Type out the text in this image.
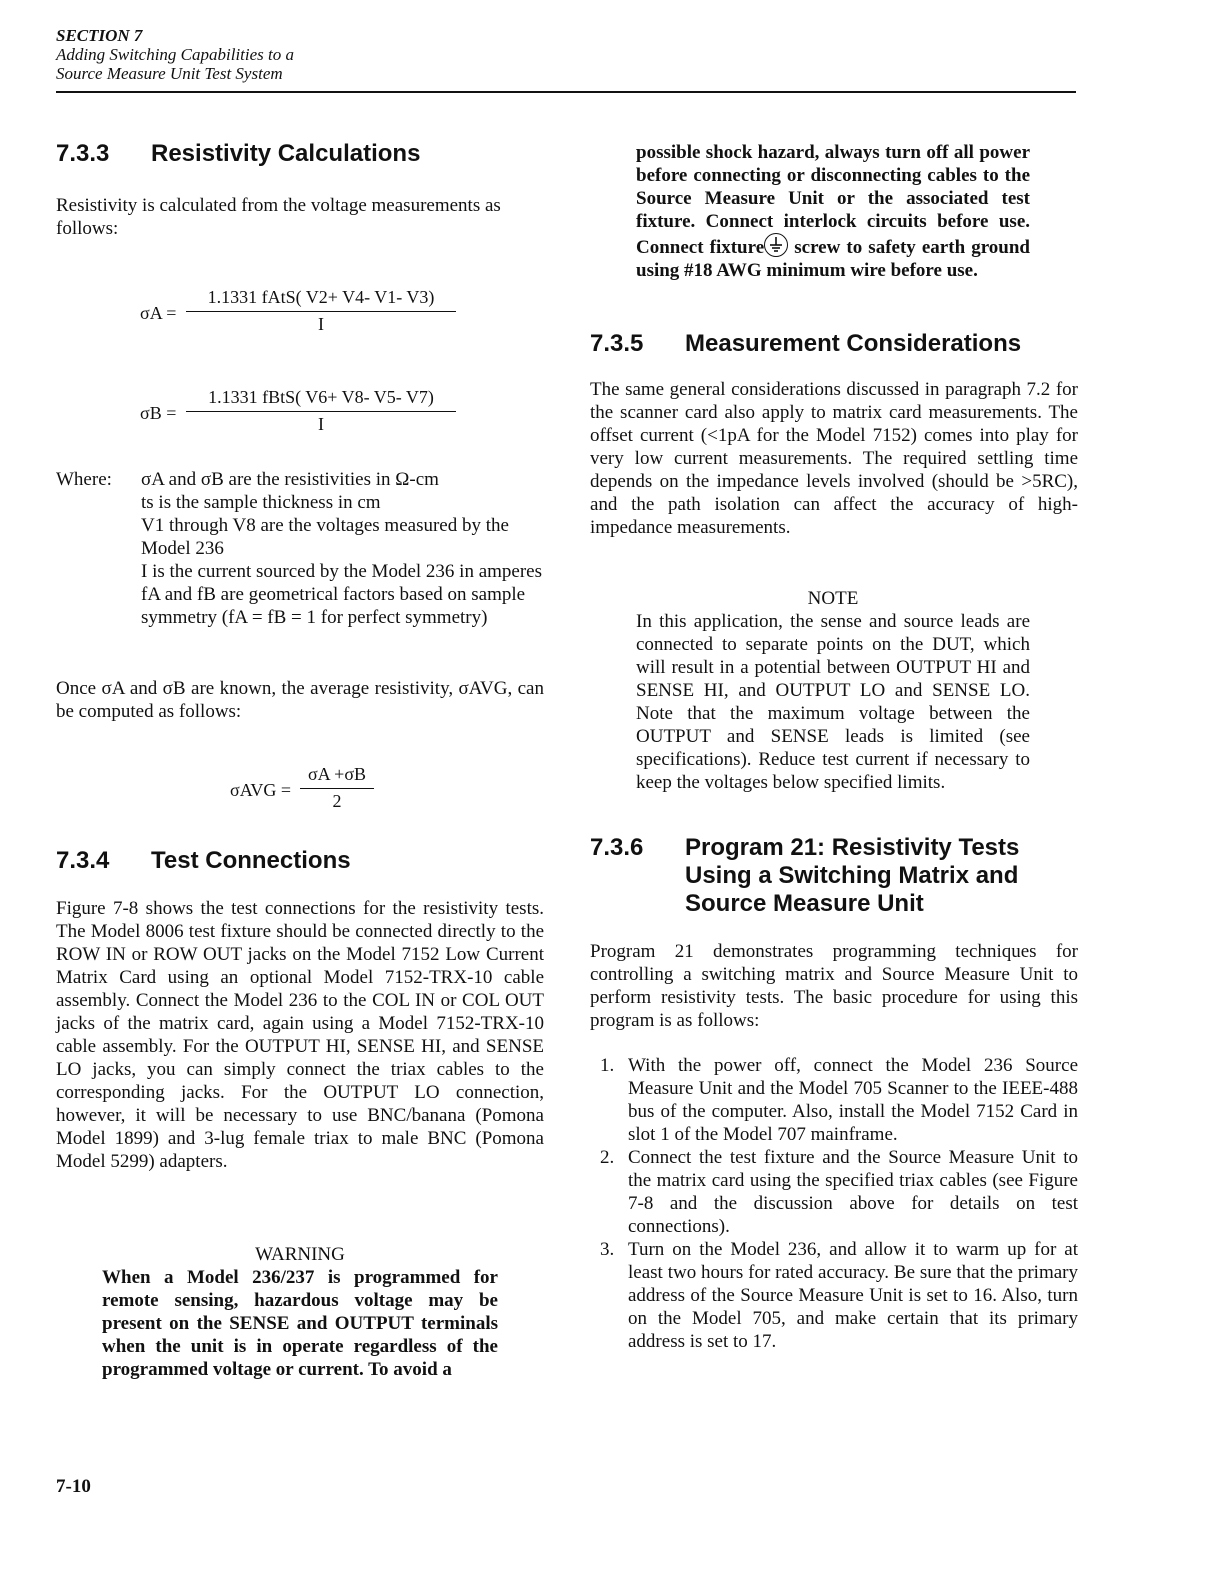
SECTION 7
Adding Switching Capabilities to a
Source Measure Unit Test System
7.3.3	Resistivity Calculations

Resistivity is calculated from the voltage measurements as follows:

σA =
1.1331 fAtS( V2+ V4- V1- V3)
I
σB =
1.1331 fBtS( V6+ V8- V5- V7)
I
Where:	σA and σB are the resistivities in Ω-cm
ts is the sample thickness in cm
V1 through V8 are the voltages measured by the Model 236
I is the current sourced by the Model 236 in amperes
fA and fB are geometrical factors based on sample symmetry (fA = fB = 1 for perfect symmetry)

Once σA and σB are known, the average resistivity, σAVG, can be computed as follows:

$\sigma AVG = \frac{\sigma A +\sigma B}{2}$
7.3.4	Test Connections

Figure 7-8 shows the test connections for the resistivity tests. The Model 8006 test fixture should be connected directly to the ROW IN or ROW OUT jacks on the Model 7152 Low Current Matrix Card using an optional Model 7152-TRX-10 cable assembly. Connect the Model 236 to the COL IN or COL OUT jacks of the matrix card, again using a Model 7152-TRX-10 cable assembly. For the OUTPUT HI, SENSE HI, and SENSE LO jacks, you can simply connect the triax cables to the corresponding jacks. For the OUTPUT LO connection, however, it will be necessary to use BNC/banana (Pomona Model 1899) and 3-lug female triax to male BNC (Pomona Model 5299) adapters.

WARNING

When a Model 236/237 is programmed for remote sensing, hazardous voltage may be present on the SENSE and OUTPUT terminals when the unit is in operate regardless of the programmed voltage or current. To avoid a

possible shock hazard, always turn off all power before connecting or disconnecting cables to the Source Measure Unit or the associated test fixture. Connect interlock circuits before use. Connect fixture screw to safety earth ground using #18 AWG minimum wire before use.

7.3.5	Measurement Considerations

The same general considerations discussed in paragraph 7.2 for the scanner card also apply to matrix card measurements. The offset current (<1pA for the Model 7152) comes into play for very low current measurements. The required settling time depends on the impedance levels involved (should be >5RC), and the path isolation can affect the accuracy of high-impedance measurements.

NOTE

In this application, the sense and source leads are connected to separate points on the DUT, which will result in a potential between OUTPUT HI and SENSE HI, and OUTPUT LO and SENSE LO. Note that the maximum voltage between the OUTPUT and SENSE leads is limited (see specifications). Reduce test current if necessary to keep the voltages below specified limits.

7.3.6	Program 21: Resistivity Tests Using a Switching Matrix and Source Measure Unit

Program 21 demonstrates programming techniques for controlling a switching matrix and Source Measure Unit to perform resistivity tests. The basic procedure for using this program is as follows:

1. With the power off, connect the Model 236 Source Measure Unit and the Model 705 Scanner to the IEEE-488 bus of the computer. Also, install the Model 7152 Card in slot 1 of the Model 707 mainframe.
2. Connect the test fixture and the Source Measure Unit to the matrix card using the specified triax cables (see Figure 7-8 and the discussion above for details on test connections).
3. Turn on the Model 236, and allow it to warm up for at least two hours for rated accuracy. Be sure that the primary address of the Source Measure Unit is set to 16. Also, turn on the Model 705, and make certain that its primary address is set to 17.
7-10
